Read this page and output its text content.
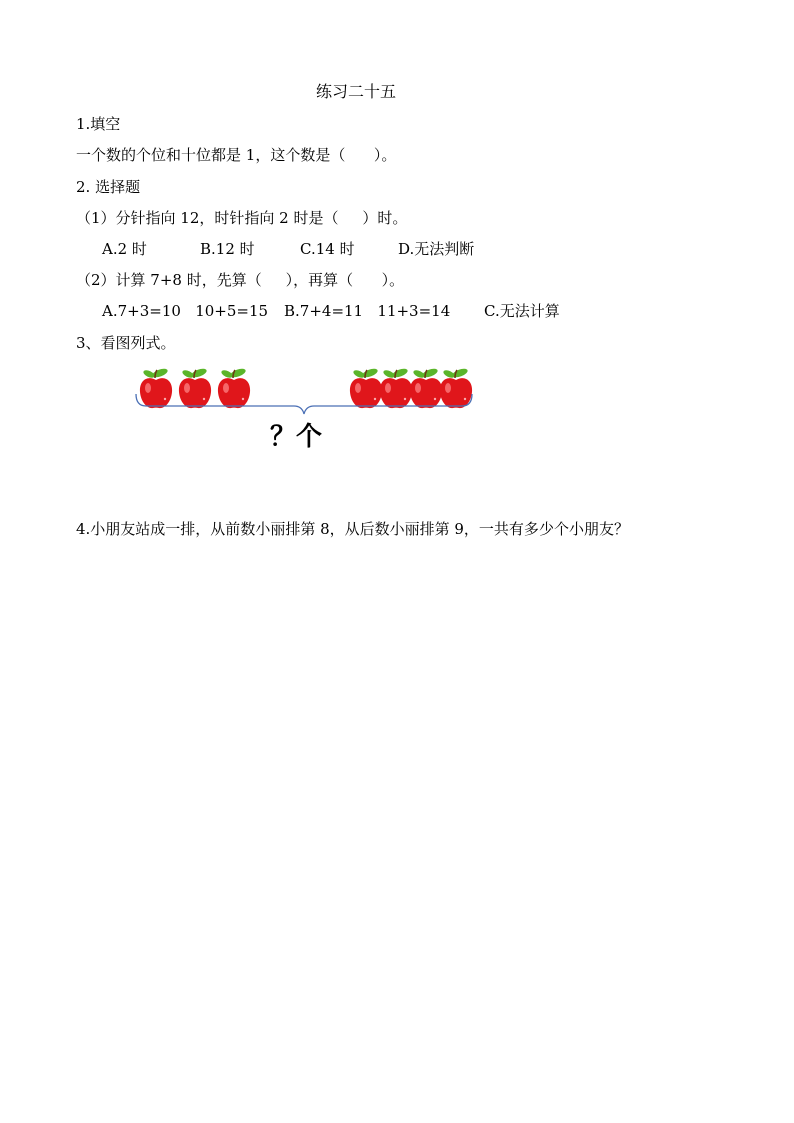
练习二十五
1.填空
一个数的个位和十位都是 1，这个数是（      ）。
2. 选择题
（1）分针指向 12，时针指向 2 时是（     ）时。
A.2 时	B.12 时	C.14 时	D.无法判断
（2）计算 7+8 时，先算（     ），再算（      ）。
A.7+3=10   10+5=15 B.7+4=11   11+3=14 C.无法计算
3、看图列式。
？个
4.小朋友站成一排，从前数小丽排第 8，从后数小丽排第 9，一共有多少个小朋友？
